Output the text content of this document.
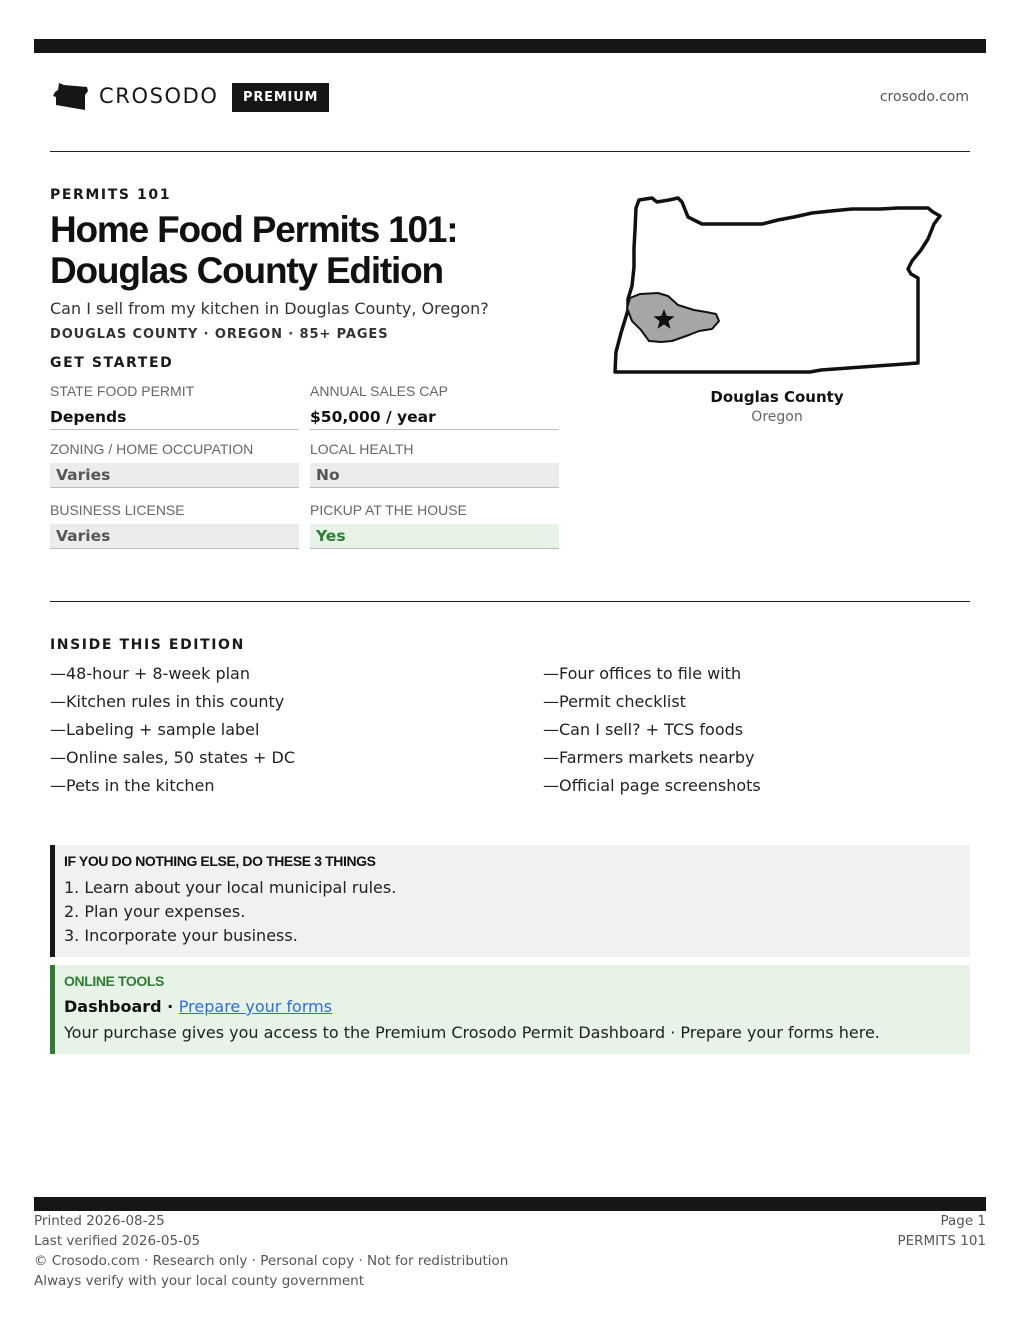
CROSODO	PREMIUM	crosodo.com
PERMITS 101
Home Food Permits 101: Douglas County Edition
Can I sell from my kitchen in Douglas County, Oregon?
DOUGLAS COUNTY · OREGON · 85+ PAGES
GET STARTED
STATE FOOD PERMIT
Depends
ANNUAL SALES CAP
$50,000 / year
ZONING / HOME OCCUPATION
Varies
LOCAL HEALTH
No
BUSINESS LICENSE
Varies
PICKUP AT THE HOUSE
Yes
Douglas County
Oregon
INSIDE THIS EDITION
—48-hour + 8-week plan
—Kitchen rules in this county
—Labeling + sample label
—Online sales, 50 states + DC
—Pets in the kitchen
—Four offices to file with
—Permit checklist
—Can I sell? + TCS foods
—Farmers markets nearby
—Official page screenshots
IF YOU DO NOTHING ELSE, DO THESE 3 THINGS
1. Learn about your local municipal rules.
2. Plan your expenses.
3. Incorporate your business.
ONLINE TOOLS
Dashboard · Prepare your forms
Your purchase gives you access to the Premium Crosodo Permit Dashboard · Prepare your forms here.
Printed 2026-08-25
Last verified 2026-05-05
© Crosodo.com · Research only · Personal copy · Not for redistribution
Always verify with your local county government
Page 1
PERMITS 101
